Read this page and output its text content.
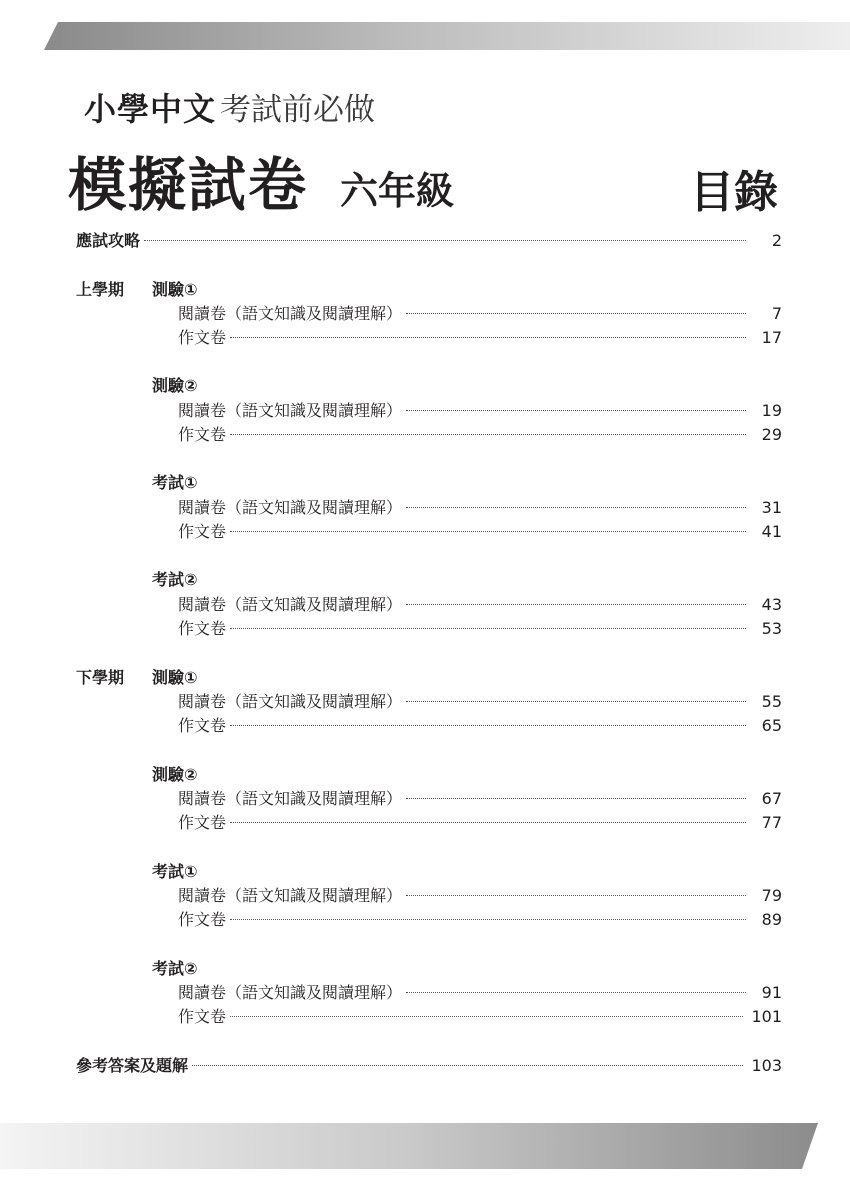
小學中文 考試前必做
模擬試卷 六年級	目錄
應試攻略	2
上學期 測驗①
閱讀卷（語文知識及閱讀理解）	7
作文卷	17
測驗②
閱讀卷（語文知識及閱讀理解）	19
作文卷	29
考試①
閱讀卷（語文知識及閱讀理解）	31
作文卷	41
考試②
閱讀卷（語文知識及閱讀理解）	43
作文卷	53
下學期 測驗①
閱讀卷（語文知識及閱讀理解）	55
作文卷	65
測驗②
閱讀卷（語文知識及閱讀理解）	67
作文卷	77
考試①
閱讀卷（語文知識及閱讀理解）	79
作文卷	89
考試②
閱讀卷（語文知識及閱讀理解）	91
作文卷	101
參考答案及題解	103
